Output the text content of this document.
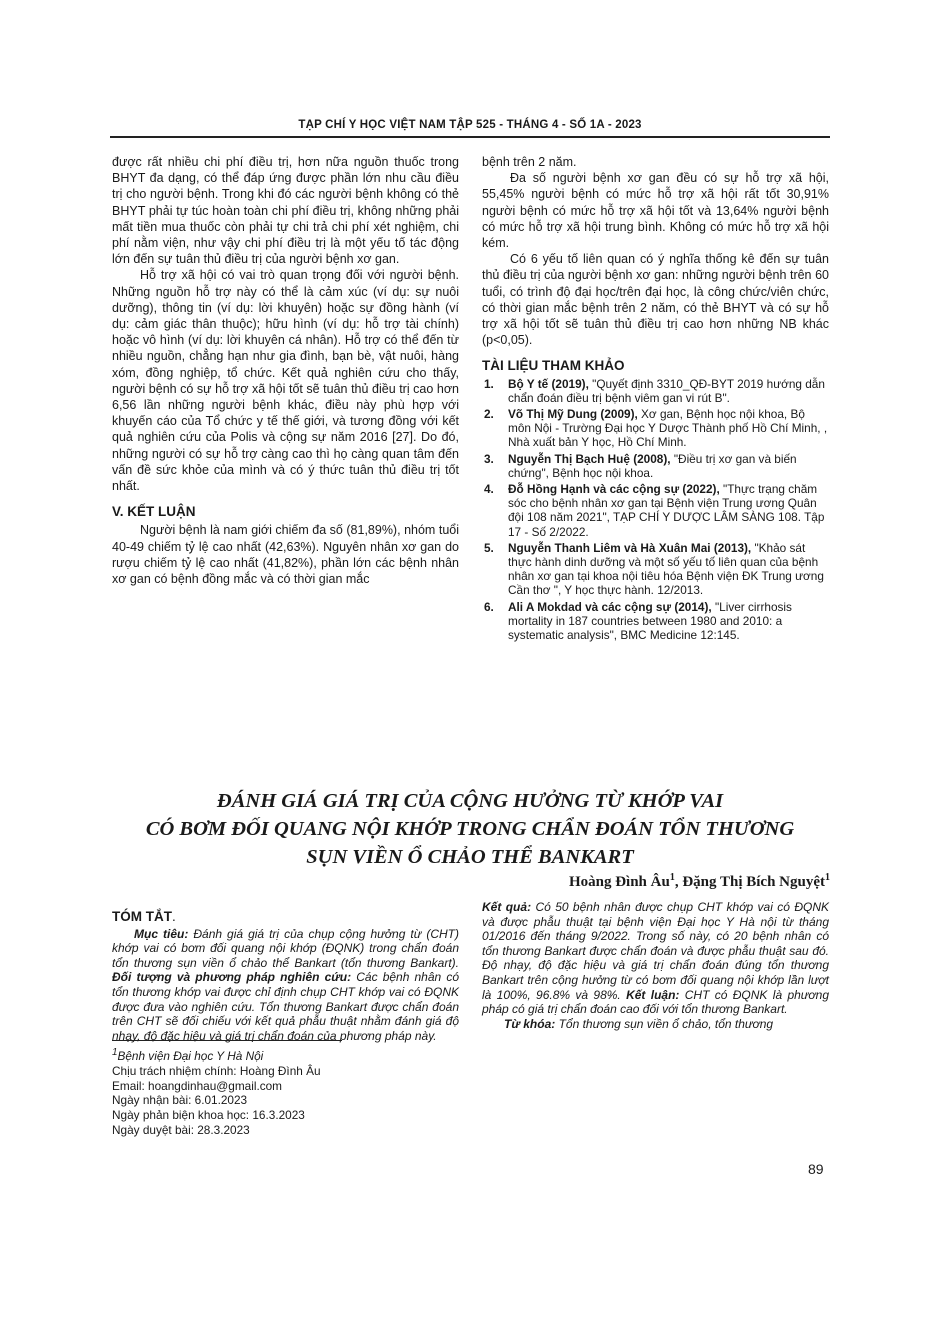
TẠP CHÍ Y HỌC VIỆT NAM TẬP 525 - THÁNG 4 - SỐ 1A - 2023

được rất nhiều chi phí điều trị, hơn nữa nguồn thuốc trong BHYT đa dạng, có thể đáp ứng được phần lớn nhu cầu điều trị cho người bệnh. Trong khi đó các người bệnh không có thẻ BHYT phải tự túc hoàn toàn chi phí điều trị, không những phải mất tiền mua thuốc còn phải tự chi trả chi phí xét nghiệm, chi phí nằm viện, như vậy chi phí điều trị là một yếu tố tác động lớn đến sự tuân thủ điều trị của người bệnh xơ gan.

Hỗ trợ xã hội có vai trò quan trọng đối với người bệnh. Những nguồn hỗ trợ này có thể là cảm xúc (ví dụ: sự nuôi dưỡng), thông tin (ví dụ: lời khuyên) hoặc sự đồng hành (ví dụ: cảm giác thân thuộc); hữu hình (ví dụ: hỗ trợ tài chính) hoặc vô hình (ví dụ: lời khuyên cá nhân). Hỗ trợ có thể đến từ nhiều nguồn, chẳng hạn như gia đình, bạn bè, vật nuôi, hàng xóm, đồng nghiệp, tổ chức. Kết quả nghiên cứu cho thấy, người bệnh có sự hỗ trợ xã hội tốt sẽ tuân thủ điều trị cao hơn 6,56 lần những người bệnh khác, điều này phù hợp với khuyến cáo của Tổ chức y tế thế giới, và tương đồng với kết quả nghiên cứu của Polis và cộng sự năm 2016 [27]. Do đó, những người có sự hỗ trợ càng cao thì họ càng quan tâm đến vấn đề sức khỏe của mình và có ý thức tuân thủ điều trị tốt nhất.

V. KẾT LUẬN

Người bệnh là nam giới chiếm đa số (81,89%), nhóm tuổi 40-49 chiếm tỷ lệ cao nhất (42,63%). Nguyên nhân xơ gan do rượu chiếm tỷ lệ cao nhất (41,82%), phần lớn các bệnh nhân xơ gan có bệnh đồng mắc và có thời gian mắc

bệnh trên 2 năm.

Đa số người bệnh xơ gan đều có sự hỗ trợ xã hội, 55,45% người bệnh có mức hỗ trợ xã hội rất tốt 30,91% người bệnh có mức hỗ trợ xã hội tốt và 13,64% người bệnh có mức hỗ trợ xã hội trung bình. Không có mức hỗ trợ xã hội kém.

Có 6 yếu tố liên quan có ý nghĩa thống kê đến sự tuân thủ điều trị của người bệnh xơ gan: những người bệnh trên 60 tuổi, có trình độ đại học/trên đại học, là công chức/viên chức, có thời gian mắc bệnh trên 2 năm, có thẻ BHYT và có sự hỗ trợ xã hội tốt sẽ tuân thủ điều trị cao hơn những NB khác (p<0,05).

TÀI LIỆU THAM KHẢO
1. Bộ Y tế (2019), "Quyết định 3310_QĐ-BYT 2019 hướng dẫn chẩn đoán điều trị bệnh viêm gan vi rút B".
2. Võ Thị Mỹ Dung (2009), Xơ gan, Bệnh học nội khoa, Bộ môn Nội - Trường Đại học Y Dược Thành phố Hồ Chí Minh, , Nhà xuất bản Y học, Hồ Chí Minh.
3. Nguyễn Thị Bạch Huệ (2008), "Điều trị xơ gan và biến chứng", Bệnh học nội khoa.
4. Đỗ Hồng Hạnh và các cộng sự (2022), "Thực trạng chăm sóc cho bệnh nhân xơ gan tại Bệnh viện Trung ương Quân đội 108 năm 2021", TẠP CHÍ Y DƯỢC LÂM SÀNG 108. Tập 17 - Số 2/2022.
5. Nguyễn Thanh Liêm và Hà Xuân Mai (2013), "Khảo sát thực hành dinh dưỡng và một số yếu tố liên quan của bệnh nhân xơ gan tại khoa nội tiêu hóa Bệnh viện ĐK Trung ương Cần thơ ", Y học thực hành. 12/2013.
6. Ali A Mokdad và các cộng sự (2014), "Liver cirrhosis mortality in 187 countries between 1980 and 2010: a systematic analysis", BMC Medicine 12:145.
ĐÁNH GIÁ GIÁ TRỊ CỦA CỘNG HƯỞNG TỪ KHỚP VAI
CÓ BƠM ĐỐI QUANG NỘI KHỚP TRONG CHẨN ĐOÁN TỔN THƯƠNG
SỤN VIỀN Ổ CHẢO THỂ BANKART
Hoàng Đình $Âu^1$, Đặng Thị Bích Nguyệt$^1$
TÓM TẮT.
Mục tiêu: Đánh giá giá trị của chụp cộng hưởng từ (CHT) khớp vai có bơm đối quang nội khớp (ĐQNK) trong chẩn đoán tổn thương sụn viền ổ chảo thể Bankart (tổn thương Bankart). Đối tượng và phương pháp nghiên cứu: Các bệnh nhân có tổn thương khớp vai được chỉ định chụp CHT khớp vai có ĐQNK được đưa vào nghiên cứu. Tổn thương Bankart được chẩn đoán trên CHT sẽ đối chiếu với kết quả phẫu thuật nhằm đánh giá độ nhạy, độ đặc hiệu và giá trị chẩn đoán của phương pháp này.
Kết quả: Có 50 bệnh nhân được chụp CHT khớp vai có ĐQNK và được phẫu thuật tại bệnh viện Đại học Y Hà nội từ tháng 01/2016 đến tháng 9/2022. Trong số này, có 20 bệnh nhân có tổn thương Bankart được chẩn đoán và được phẫu thuật sau đó. Độ nhạy, độ đặc hiệu và giá trị chẩn đoán đúng tổn thương Bankart trên cộng hưởng từ có bơm đối quang nội khớp lần lượt là 100%, 96.8% và 98%. Kết luận: CHT có ĐQNK là phương pháp có giá trị chẩn đoán cao đối với tổn thương Bankart.
Từ khóa: Tổn thương sụn viền ổ chảo, tổn thương
$^1$Bệnh viện Đại học Y Hà Nội
Chịu trách nhiệm chính: Hoàng Đình Âu
Email: hoangdinhau@gmail.com
Ngày nhận bài: 6.01.2023
Ngày phản biện khoa học: 16.3.2023
Ngày duyệt bài: 28.3.2023
89
